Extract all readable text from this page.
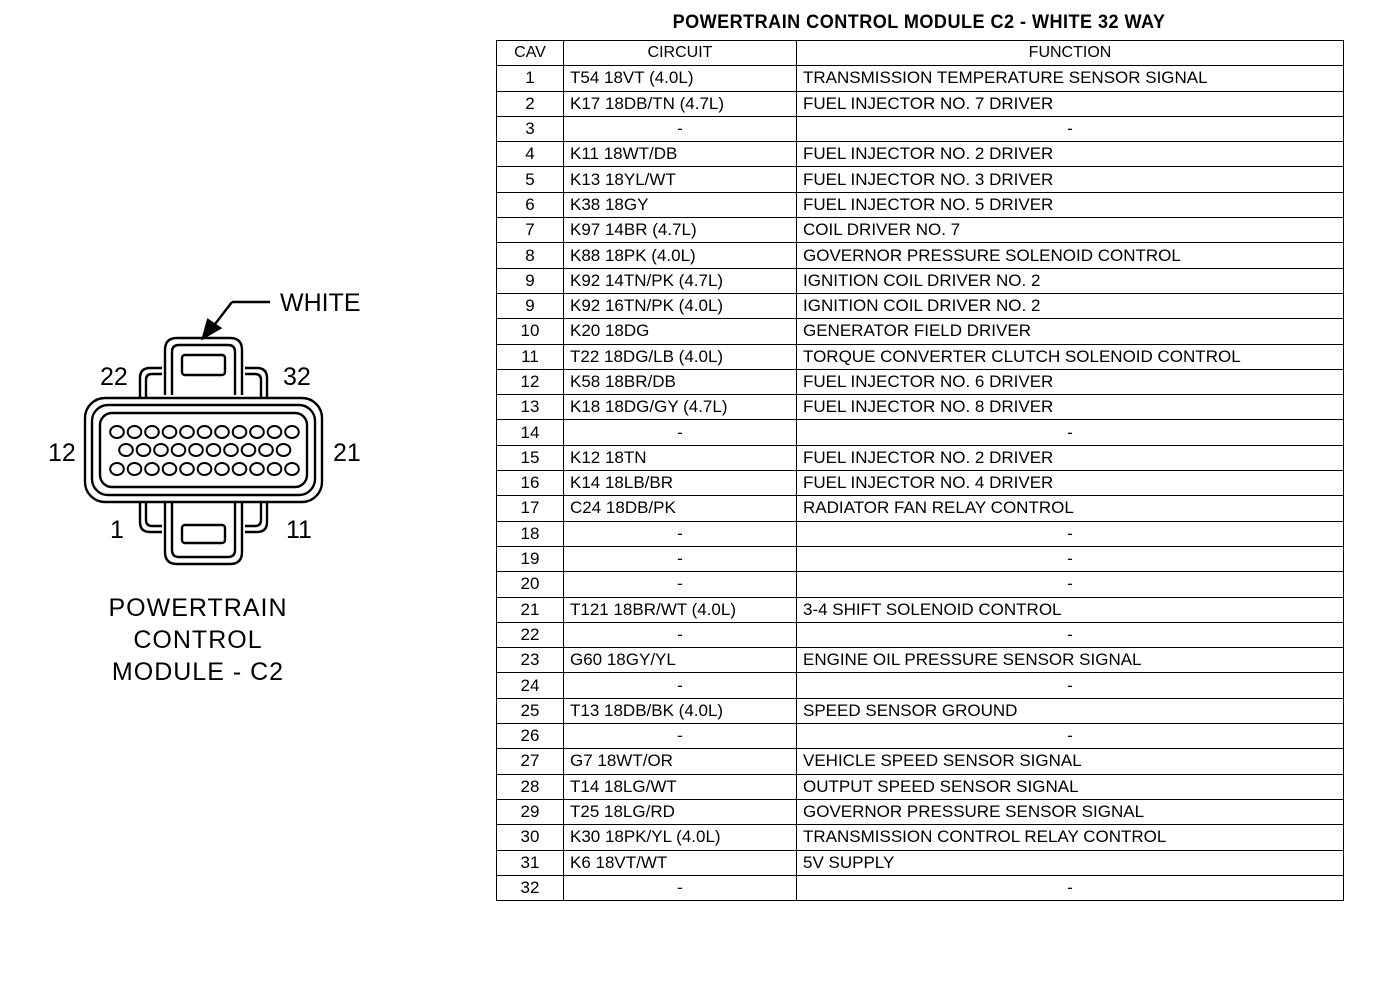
WHITE
22	32
12	21
1	11
POWERTRAIN
CONTROL
MODULE - C2
POWERTRAIN CONTROL MODULE C2 - WHITE 32 WAY
CAV	CIRCUIT	FUNCTION
1	T54 18VT (4.0L)	TRANSMISSION TEMPERATURE SENSOR SIGNAL
2	K17 18DB/TN (4.7L)	FUEL INJECTOR NO. 7 DRIVER
3	-	-
4	K11 18WT/DB	FUEL INJECTOR NO. 2 DRIVER
5	K13 18YL/WT	FUEL INJECTOR NO. 3 DRIVER
6	K38 18GY	FUEL INJECTOR NO. 5 DRIVER
7	K97 14BR (4.7L)	COIL DRIVER NO. 7
8	K88 18PK (4.0L)	GOVERNOR PRESSURE SOLENOID CONTROL
9	K92 14TN/PK (4.7L)	IGNITION COIL DRIVER NO. 2
9	K92 16TN/PK (4.0L)	IGNITION COIL DRIVER NO. 2
10	K20 18DG	GENERATOR FIELD DRIVER
11	T22 18DG/LB (4.0L)	TORQUE CONVERTER CLUTCH SOLENOID CONTROL
12	K58 18BR/DB	FUEL INJECTOR NO. 6 DRIVER
13	K18 18DG/GY (4.7L)	FUEL INJECTOR NO. 8 DRIVER
14	-	-
15	K12 18TN	FUEL INJECTOR NO. 2 DRIVER
16	K14 18LB/BR	FUEL INJECTOR NO. 4 DRIVER
17	C24 18DB/PK	RADIATOR FAN RELAY CONTROL
18	-	-
19	-	-
20	-	-
21	T121 18BR/WT (4.0L)	3-4 SHIFT SOLENOID CONTROL
22	-	-
23	G60 18GY/YL	ENGINE OIL PRESSURE SENSOR SIGNAL
24	-	-
25	T13 18DB/BK (4.0L)	SPEED SENSOR GROUND
26	-	-
27	G7 18WT/OR	VEHICLE SPEED SENSOR SIGNAL
28	T14 18LG/WT	OUTPUT SPEED SENSOR SIGNAL
29	T25 18LG/RD	GOVERNOR PRESSURE SENSOR SIGNAL
30	K30 18PK/YL (4.0L)	TRANSMISSION CONTROL RELAY CONTROL
31	K6 18VT/WT	5V SUPPLY
32	-	-
